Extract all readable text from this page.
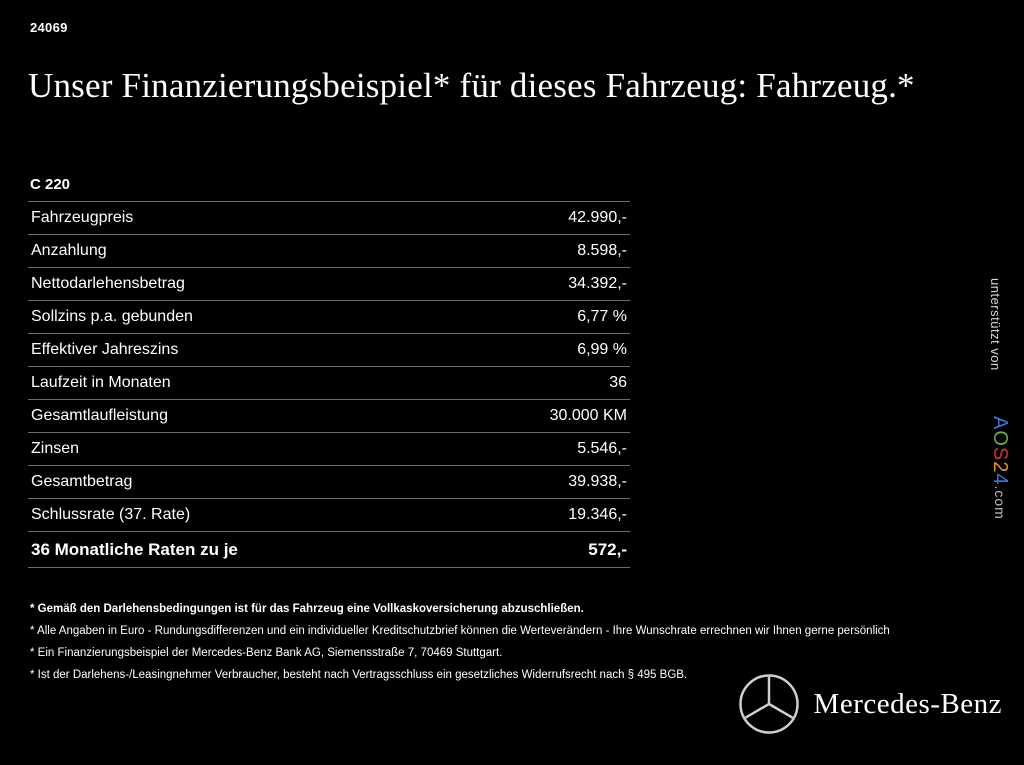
24069
Unser Finanzierungsbeispiel* für dieses Fahrzeug: Fahrzeug.*
C 220
Fahrzeugpreis	42.990,-
Anzahlung	8.598,-
Nettodarlehensbetrag	34.392,-
Sollzins p.a. gebunden	6,77 %
Effektiver Jahreszins	6,99 %
Laufzeit in Monaten	36
Gesamtlaufleistung	30.000 KM
Zinsen	5.546,-
Gesamtbetrag	39.938,-
Schlussrate (37. Rate)	19.346,-
36 Monatliche Raten zu je	572,-
* Gemäß den Darlehensbedingungen ist für das Fahrzeug eine Vollkaskoversicherung abzuschließen.
* Alle Angaben in Euro - Rundungsdifferenzen und ein individueller Kreditschutzbrief können die Werteverändern - Ihre Wunschrate errechnen wir Ihnen gerne persönlich
* Ein Finanzierungsbeispiel der Mercedes-Benz Bank AG, Siemensstraße 7, 70469 Stuttgart.
* Ist der Darlehens-/Leasingnehmer Verbraucher, besteht nach Vertragsschluss ein gesetzliches Widerrufsrecht nach § 495 BGB.
unterstützt von
AOS24.com
Mercedes-Benz
